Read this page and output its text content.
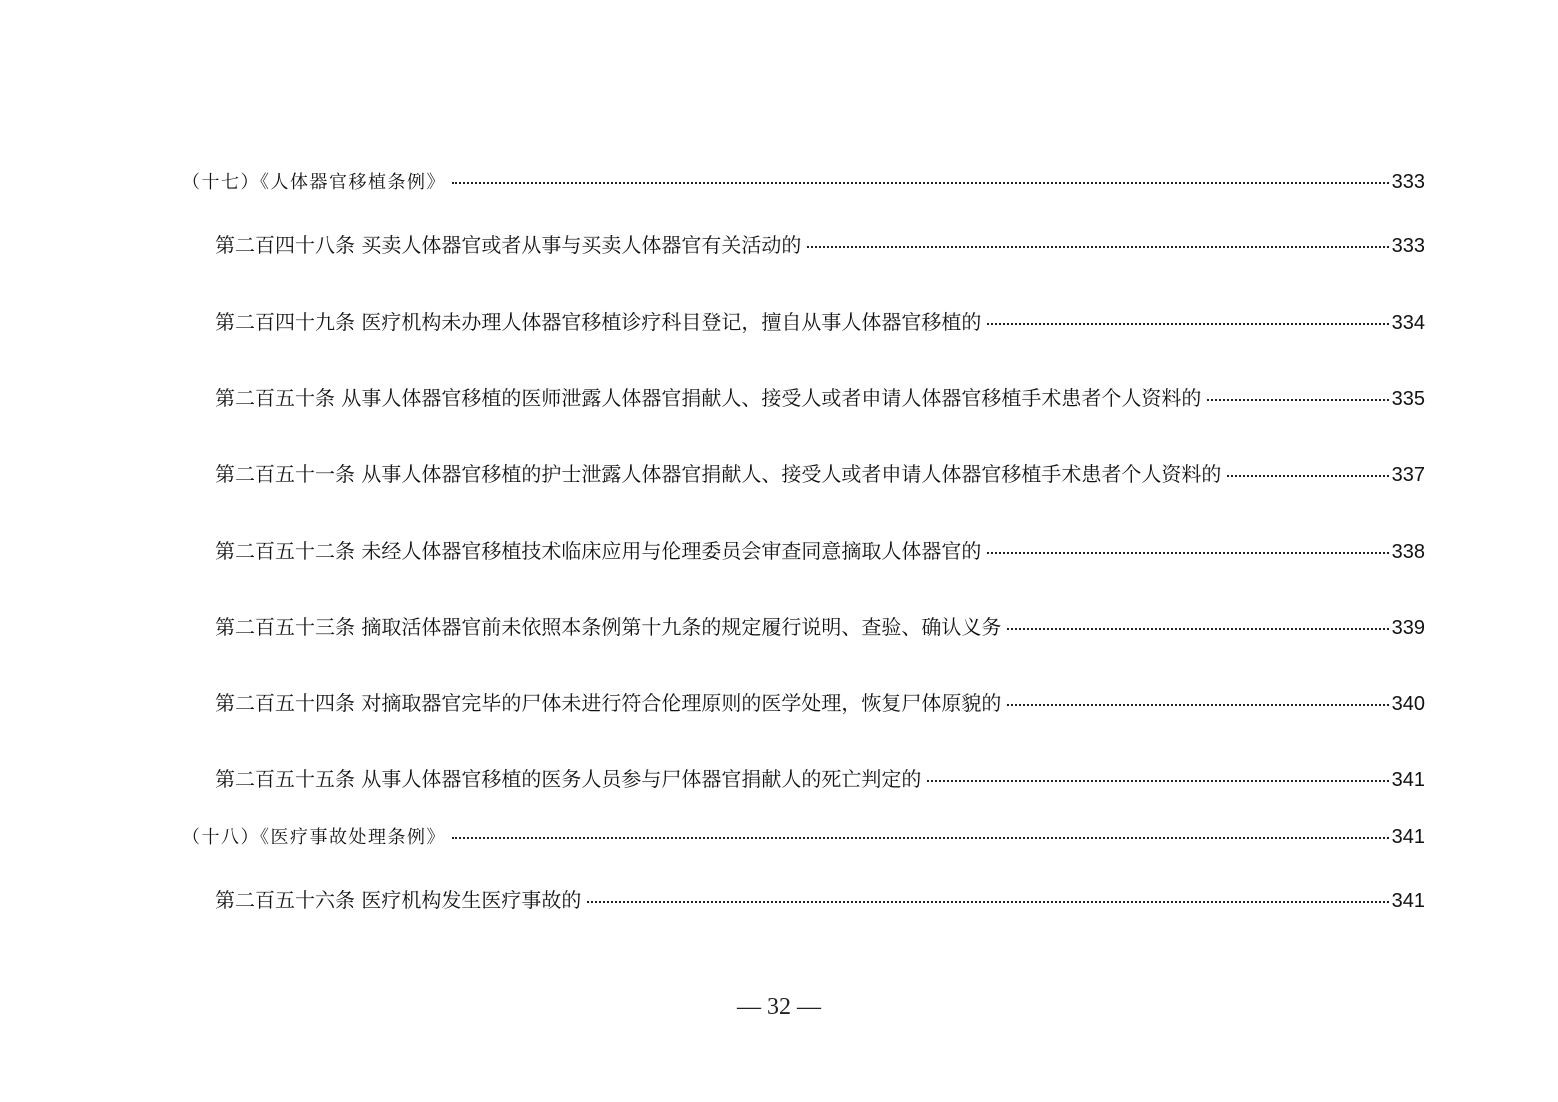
（十七）《人体器官移植条例》	333
第二百四十八条 买卖人体器官或者从事与买卖人体器官有关活动的	333
第二百四十九条 医疗机构未办理人体器官移植诊疗科目登记，擅自从事人体器官移植的	334
第二百五十条 从事人体器官移植的医师泄露人体器官捐献人、接受人或者申请人体器官移植手术患者个人资料的	335
第二百五十一条 从事人体器官移植的护士泄露人体器官捐献人、接受人或者申请人体器官移植手术患者个人资料的	337
第二百五十二条 未经人体器官移植技术临床应用与伦理委员会审查同意摘取人体器官的	338
第二百五十三条 摘取活体器官前未依照本条例第十九条的规定履行说明、查验、确认义务	339
第二百五十四条 对摘取器官完毕的尸体未进行符合伦理原则的医学处理，恢复尸体原貌的	340
第二百五十五条 从事人体器官移植的医务人员参与尸体器官捐献人的死亡判定的	341
（十八）《医疗事故处理条例》	341
第二百五十六条 医疗机构发生医疗事故的	341
— 32 —
